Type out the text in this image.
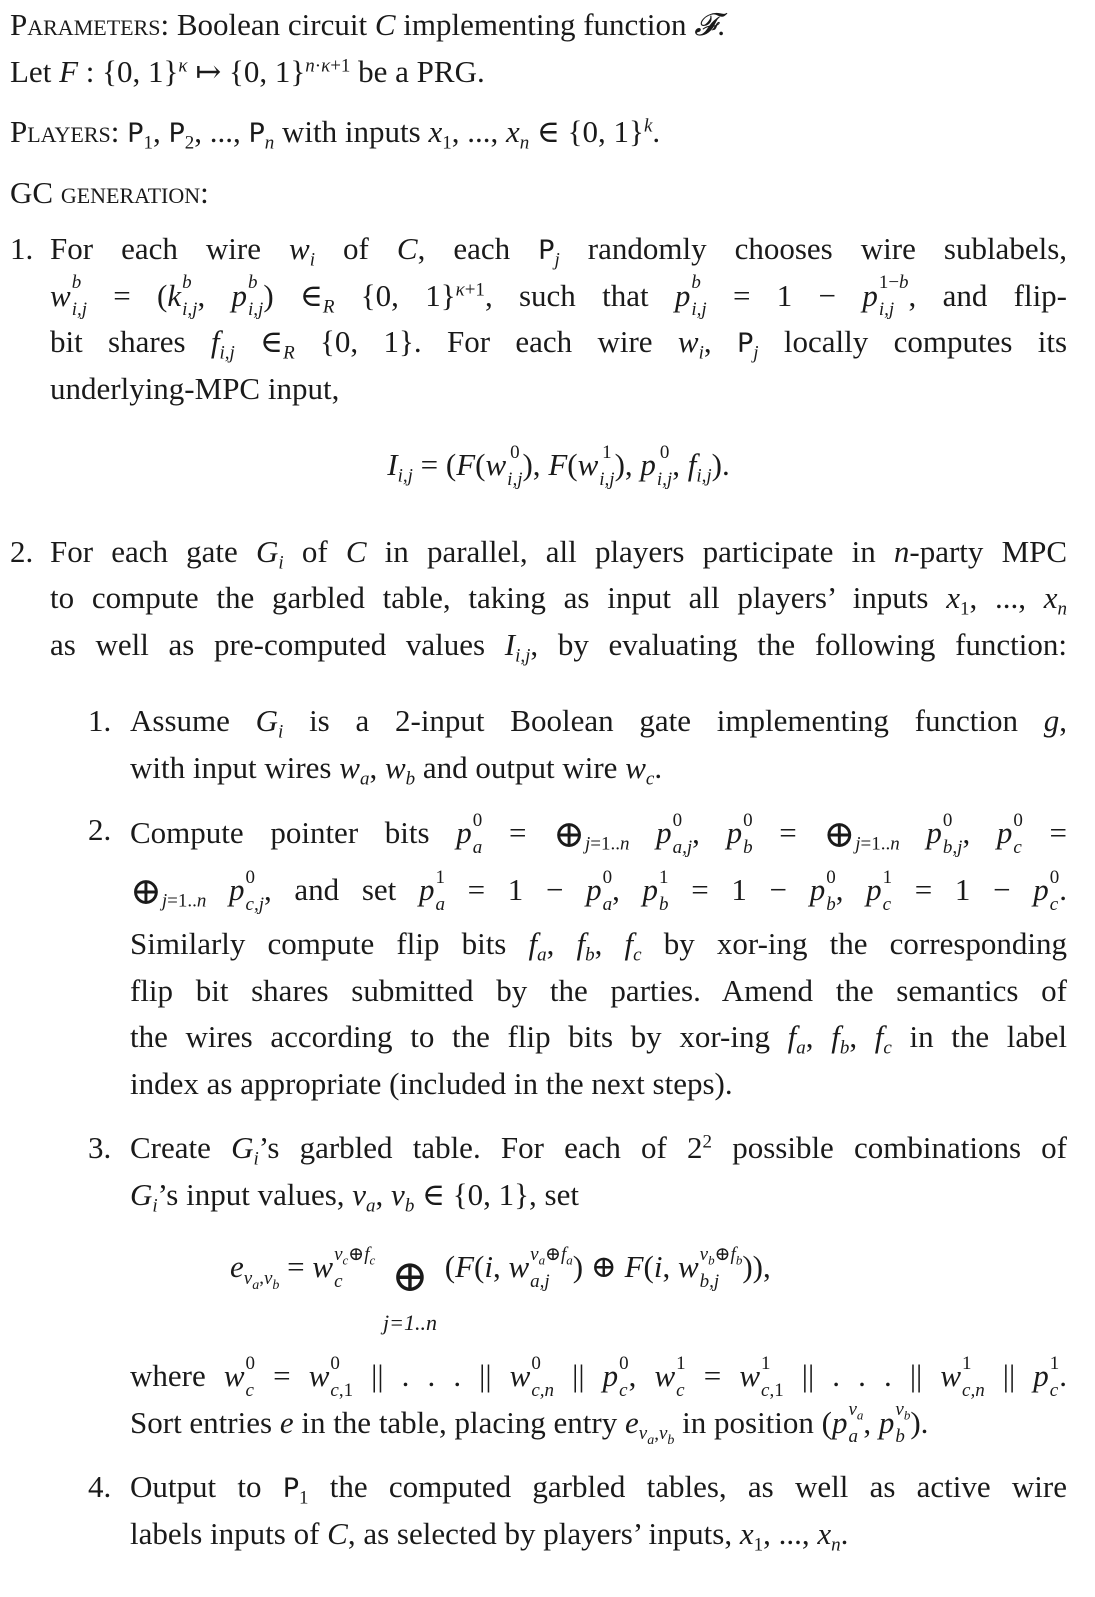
Parameters: Boolean circuit C implementing function 𝓕.
Let F : {0, 1}$^\kappa$ ↦ {0, 1}$^{n\cdot\kappa+1}$ be a PRG.
Players: $P_1$, $P_2$, ..., $P_n$ with inputs $x_1$, ..., $x_n$ ∈ {0, 1}$^k$.
GC generation:
1. For each wire $w_i$ of C, each $P_j$ randomly chooses wire sublabels,
w b
i,j = (k b
i,j , p b
i,j ) $\in_R$ {0, 1}$^{\kappa+1}$, such that p b
i,j = 1 − p 1−b
i,j , and flip-
bit shares $f_{i,j}$ $\in_R$ {0, 1}. For each wire $w_i$, $P_j$ locally computes its
underlying-MPC input,
$I_{i,j} = (F(w$ 0
i,j ), F(w 1
i,j ), p 0
i,j , $f_{i,j}$).
2. For each gate $G_i$ of C in parallel, all players participate in n-party MPC
to compute the garbled table, taking as input all players’ inputs $x_1$, ..., $x_n$
as well as pre-computed values $I_{i,j}$, by evaluating the following function:
1. Assume $G_i$ is a 2-input Boolean gate implementing function g,
with input wires $w_a$, $w_b$ and output wire $w_c$.
2. Compute pointer bits p 0
$a = \oplus_{j=1..n}$ p 0
a,j , p 0
$b = \oplus_{j=1..n}$ p 0
b,j , p 0
c =
$\oplus_{j=1..n}$ p 0
c,j , and set p 1
a = 1 − p 0
a , p 1
b = 1 − p 0
b , p 1
c = 1 − p 0
c .
Similarly compute flip bits $f_a$, $f_b$, $f_c$ by xor-ing the corresponding
flip bit shares submitted by the parties. Amend the semantics of
the wires according to the flip bits by xor-ing $f_a$, $f_b$, $f_c$ in the label
index as appropriate (included in the next steps).
3. Create $G_i’s$ garbled table. For each of $2^2$ possible combinations of
$G_i’s$ input values, $v_a$, $v_b$ ∈ {0, 1}, set
$e_{v_a,v_b} = w$ $v_c\oplus f_c$
c	⊕
j=1..n
(F(i, w $v_a\oplus f_a$
a,j ) ⊕ F(i, w $v_b\oplus f_b$
b,j )),
where w 0
c = w 0
c,1 || . . . || w 0
c,n || p 0
c , w 1
c = w 1
c,1 || . . . || w 1
c,n || p 1
c .
Sort entries e in the table, placing entry $e_{v_a,v_b}$ in position (p $v_a$
a , p $v_b$
b ).
4. Output to $P_1$ the computed garbled tables, as well as active wire
labels inputs of C, as selected by players’ inputs, $x_1$, ..., $x_n$.
